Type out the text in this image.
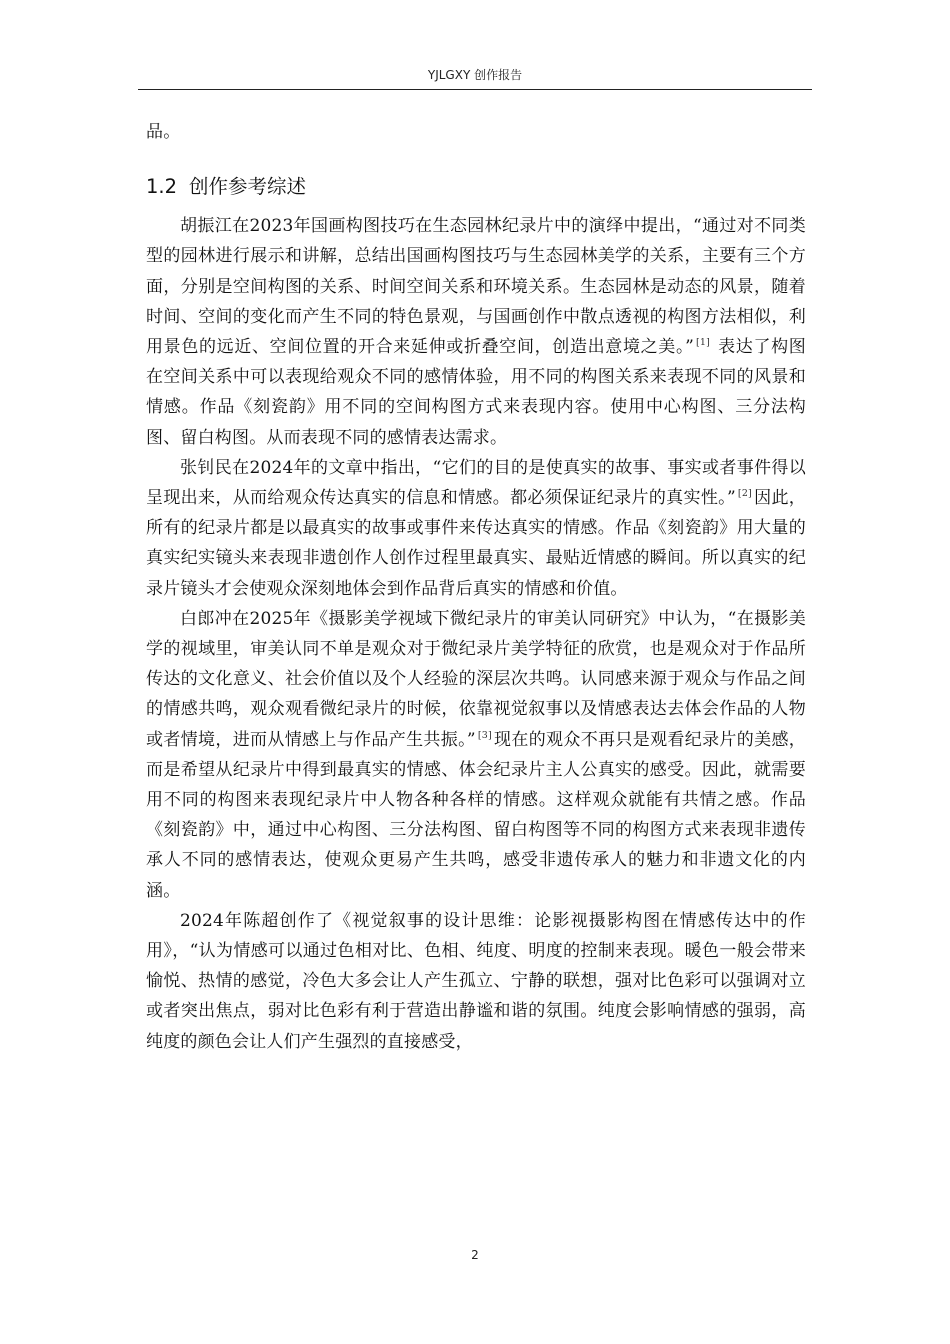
YJLGXY 创作报告

品。

1.2 创作参考综述

胡振江在2023年国画构图技巧在生态园林纪录片中的演绎中提出，“通过对不同类型的园林进行展示和讲解，总结出国画构图技巧与生态园林美学的关系，主要有三个方面，分别是空间构图的关系、时间空间关系和环境关系。生态园林是动态的风景，随着时间、空间的变化而产生不同的特色景观，与国画创作中散点透视的构图方法相似，利用景色的远近、空间位置的开合来延伸或折叠空间，创造出意境之美。” [1] 表达了构图在空间关系中可以表现给观众不同的感情体验，用不同的构图关系来表现不同的风景和情感。作品《刻瓷韵》用不同的空间构图方式来表现内容。使用中心构图、三分法构图、留白构图。从而表现不同的感情表达需求。

张钊民在2024年的文章中指出，“它们的目的是使真实的故事、事实或者事件得以呈现出来，从而给观众传达真实的信息和情感。都必须保证纪录片的真实性。” [2] 因此，所有的纪录片都是以最真实的故事或事件来传达真实的情感。作品《刻瓷韵》用大量的真实纪实镜头来表现非遗创作人创作过程里最真实、最贴近情感的瞬间。所以真实的纪录片镜头才会使观众深刻地体会到作品背后真实的情感和价值。

白郎冲在2025年《摄影美学视域下微纪录片的审美认同研究》中认为，“在摄影美学的视域里，审美认同不单是观众对于微纪录片美学特征的欣赏，也是观众对于作品所传达的文化意义、社会价值以及个人经验的深层次共鸣。认同感来源于观众与作品之间的情感共鸣，观众观看微纪录片的时候，依靠视觉叙事以及情感表达去体会作品的人物或者情境，进而从情感上与作品产生共振。” [3] 现在的观众不再只是观看纪录片的美感，而是希望从纪录片中得到最真实的情感、体会纪录片主人公真实的感受。因此，就需要用不同的构图来表现纪录片中人物各种各样的情感。这样观众就能有共情之感。作品《刻瓷韵》中，通过中心构图、三分法构图、留白构图等不同的构图方式来表现非遗传承人不同的感情表达，使观众更易产生共鸣，感受非遗传承人的魅力和非遗文化的内涵。

2024年陈超创作了《视觉叙事的设计思维：论影视摄影构图在情感传达中的作用》，“认为情感可以通过色相对比、色相、纯度、明度的控制来表现。暖色一般会带来愉悦、热情的感觉，冷色大多会让人产生孤立、宁静的联想，强对比色彩可以强调对立或者突出焦点，弱对比色彩有利于营造出静谧和谐的氛围。纯度会影响情感的强弱，高纯度的颜色会让人们产生强烈的直接感受，

2
